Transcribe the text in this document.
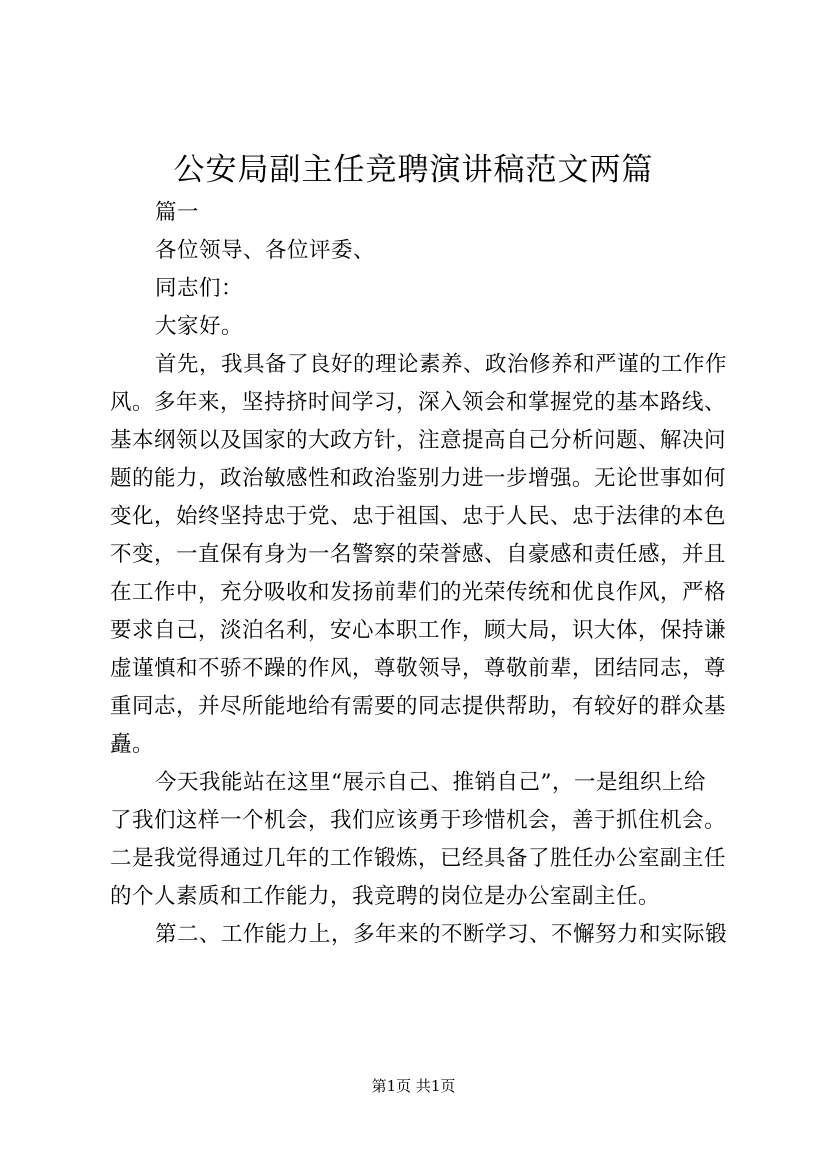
公安局副主任竞聘演讲稿范文两篇
篇一
各位领导、各位评委、
同志们：
大家好。
首先，我具备了良好的理论素养、政治修养和严谨的工作作
风。多年来，坚持挤时间学习，深入领会和掌握党的基本路线、
基本纲领以及国家的大政方针，注意提高自己分析问题、解决问
题的能力，政治敏感性和政治鉴别力进一步增强。无论世事如何
变化，始终坚持忠于党、忠于祖国、忠于人民、忠于法律的本色
不变，一直保有身为一名警察的荣誉感、自豪感和责任感，并且
在工作中，充分吸收和发扬前辈们的光荣传统和优良作风，严格
要求自己，淡泊名利，安心本职工作，顾大局，识大体，保持谦
虚谨慎和不骄不躁的作风，尊敬领导，尊敬前辈，团结同志，尊
重同志，并尽所能地给有需要的同志提供帮助，有较好的群众基
矗。
今天我能站在这里“展示自己、推销自己”，一是组织上给
了我们这样一个机会，我们应该勇于珍惜机会，善于抓住机会。
二是我觉得通过几年的工作锻炼，已经具备了胜任办公室副主任
的个人素质和工作能力，我竞聘的岗位是办公室副主任。
第二、工作能力上，多年来的不断学习、不懈努力和实际锻
第1页 共1页
